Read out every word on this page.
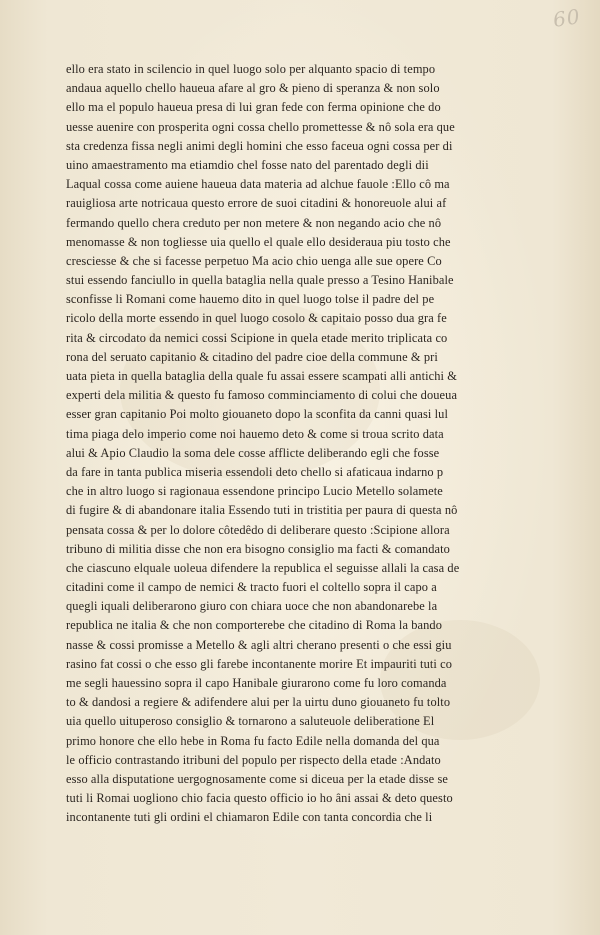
60
ello era stato in scilencio in quel luogo solo per alquanto spacio di tempo
andaua aquello chello haueua afare al gro & pieno di speranza & non solo
ello ma el populo haueua presa di lui gran fede con ferma opinione che do
uesse auenire con prosperita ogni cossa chello promettesse & nô sola era que
sta credenza fissa negli animi degli homini che esso faceua ogni cossa per di
uino amaestramento ma etiamdio chel fosse nato del parentado degli dii
Laqual cossa come auiene haueua data materia ad alchue fauole :Ello cô ma
rauigliosa arte notricaua questo errore de suoi citadini & honoreuole alui af
fermando quello chera creduto per non metere & non negando acio che nô
menomasse & non togliesse uia quello el quale ello desideraua piu tosto che
cresciesse & che si facesse perpetuo Ma acio chio uenga alle sue opere Co
stui essendo fanciullo in quella bataglia nella quale presso a Tesino Hanibale
sconfisse li Romani come hauemo dito in quel luogo tolse il padre del pe
ricolo della morte essendo in quel luogo cosolo & capitaio posso dua gra fe
rita & circodato da nemici cossi Scipione in quela etade merito triplicata co
rona del seruato capitanio & citadino del padre cioe della commune & pri
uata pieta in quella bataglia della quale fu assai essere scampati alli antichi &
experti dela militia & questo fu famoso comminciamento di colui che doueua
esser gran capitanio Poi molto giouaneto dopo la sconfita da canni quasi lul
tima piaga delo imperio come noi hauemo deto & come si troua scrito data
alui & Apio Claudio la soma dele cosse afflicte deliberando egli che fosse
da fare in tanta publica miseria essendoli deto chello si afaticaua indarno p
che in altro luogo si ragionaua essendone principo Lucio Metello solamete
di fugire & di abandonare italia Essendo tuti in tristitia per paura di questa nô
pensata cossa & per lo dolore côtedêdo di deliberare questo :Scipione allora
tribuno di militia disse che non era bisogno consiglio ma facti & comandato
che ciascuno elquale uoleua difendere la republica el seguisse allali la casa de
citadini come il campo de nemici & tracto fuori el coltello sopra il capo a
quegli iquali deliberarono giuro con chiara uoce che non abandonarebe la
republica ne italia & che non comporterebe che citadino di Roma la bando
nasse & cossi promisse a Metello & agli altri cherano presenti o che essi giu
rasino fat cossi o che esso gli farebe incontanente morire Et impauriti tuti co
me segli hauessino sopra il capo Hanibale giurarono come fu loro comanda
to & dandosi a regiere & adifendere alui per la uirtu duno giouaneto fu tolto
uia quello uituperoso consiglio & tornarono a saluteuole deliberatione El
primo honore che ello hebe in Roma fu facto Edile nella domanda del qua
le officio contrastando itribuni del populo per rispecto della etade :Andato
esso alla disputatione uergognosamente come si diceua per la etade disse se
tuti li Romai uogliono chio facia questo officio io ho âni assai & deto questo
incontanente tuti gli ordini el chiamaron Edile con tanta concordia che li
